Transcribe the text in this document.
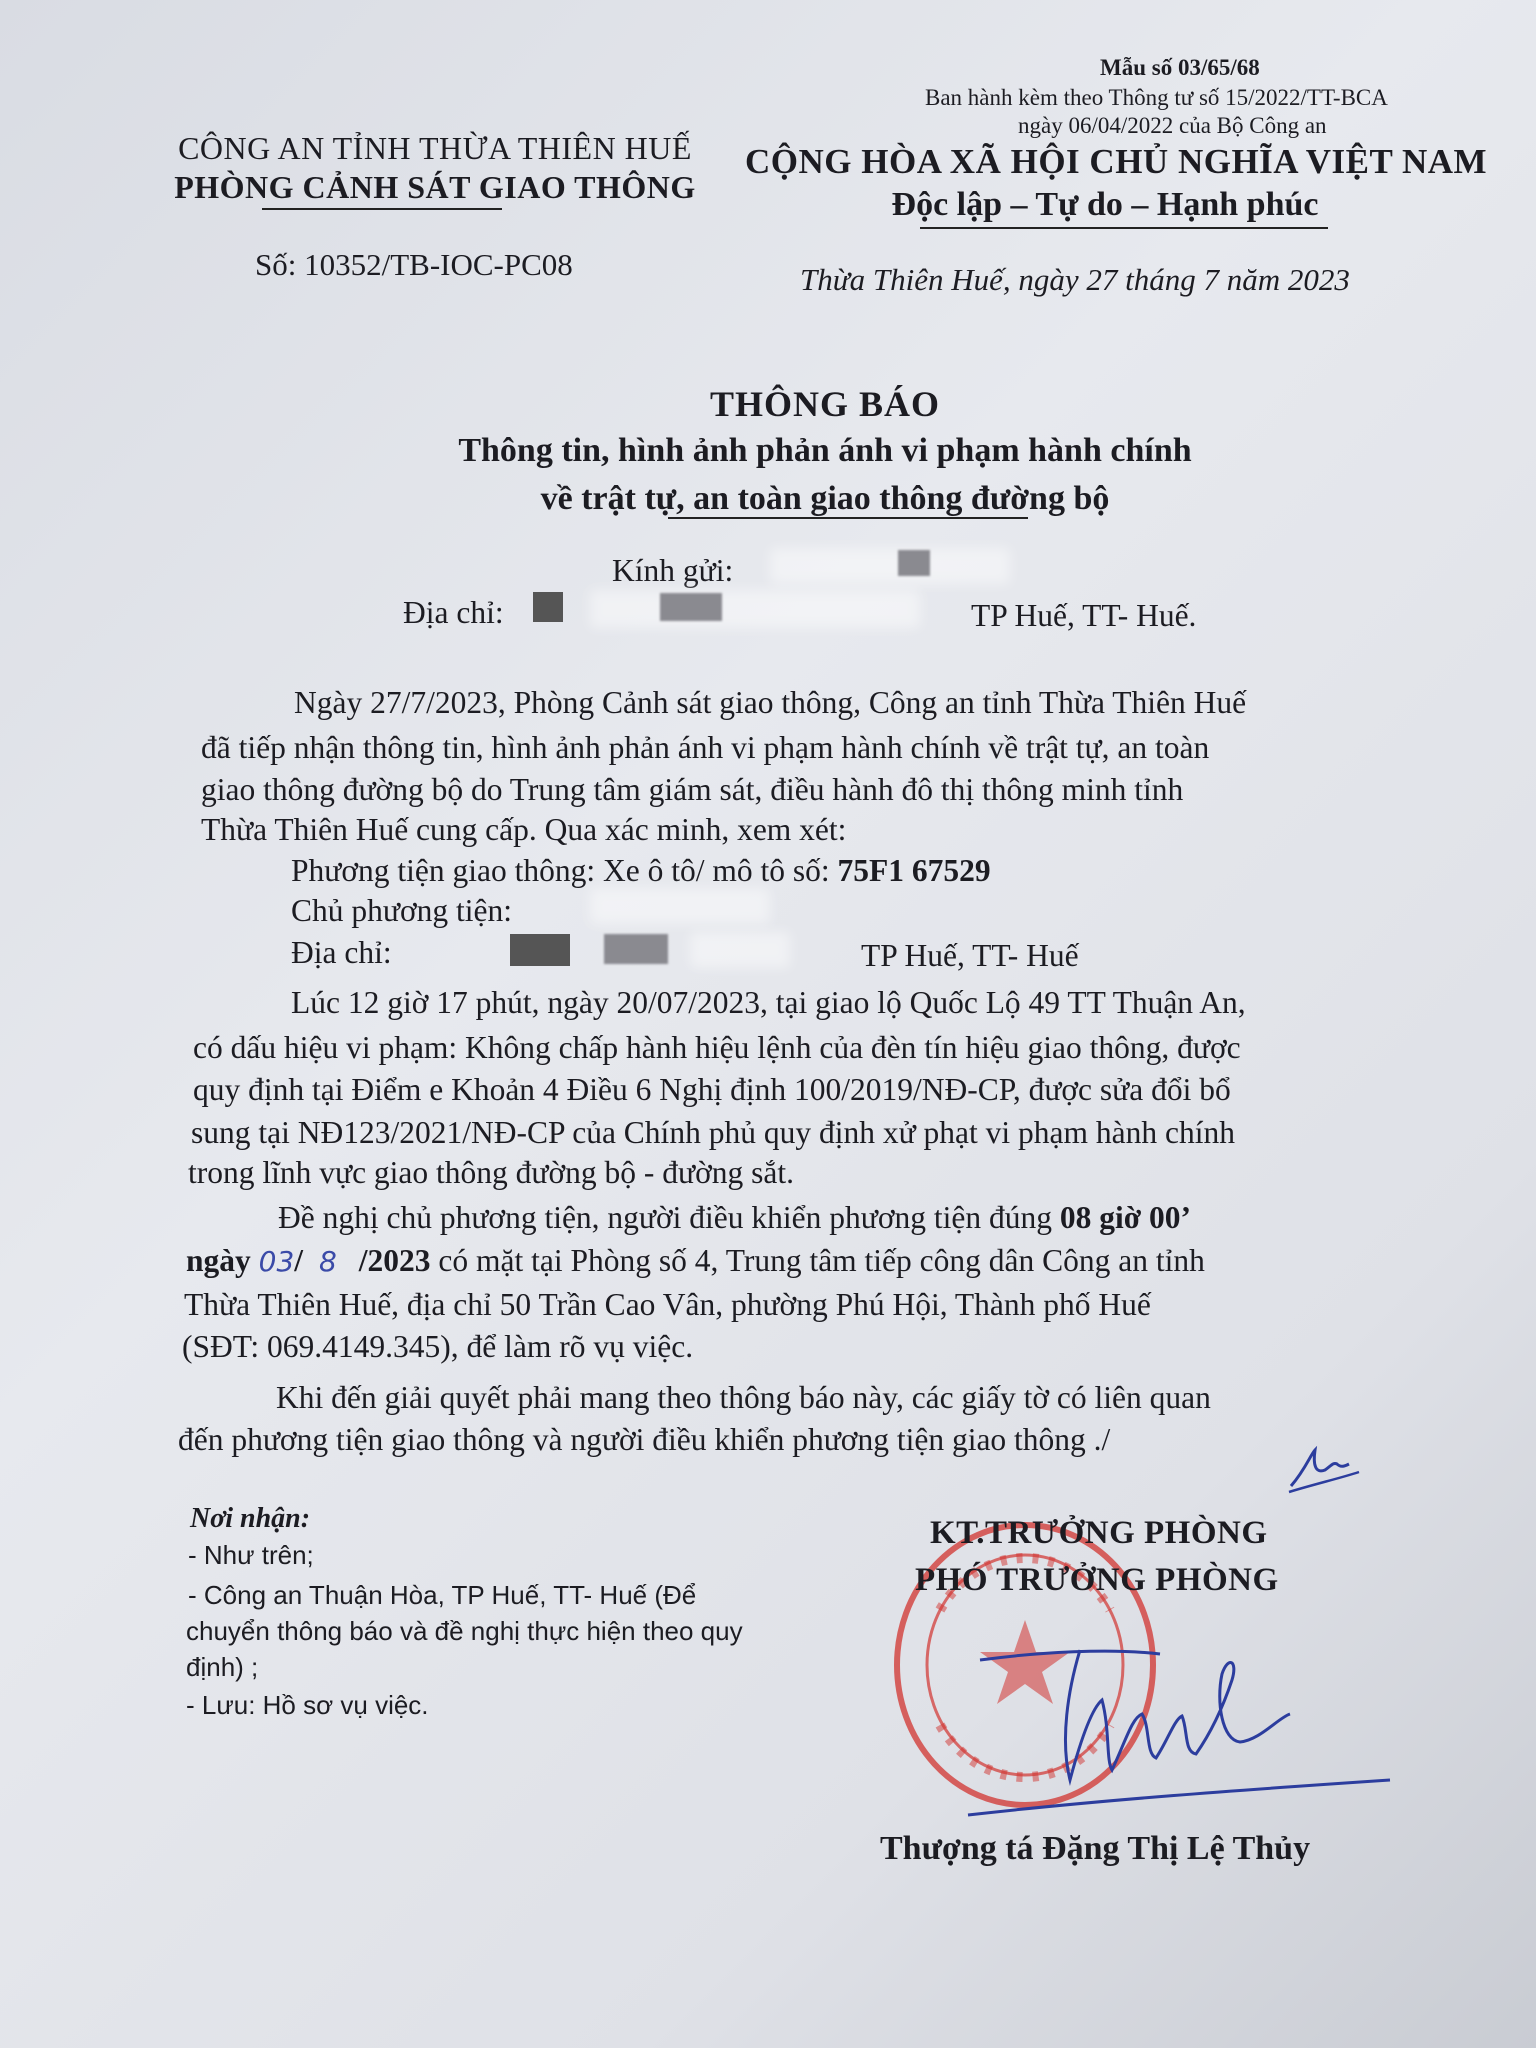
Mẫu số 03/65/68
Ban hành kèm theo Thông tư số 15/2022/TT-BCA
ngày 06/04/2022 của Bộ Công an
CÔNG AN TỈNH THỪA THIÊN HUẾ
PHÒNG CẢNH SÁT GIAO THÔNG
CỘNG HÒA XÃ HỘI CHỦ NGHĨA VIỆT NAM
Độc lập – Tự do – Hạnh phúc
Số: 10352/TB-IOC-PC08	Thừa Thiên Huế, ngày 27 tháng 7 năm 2023
THÔNG BÁO
Thông tin, hình ảnh phản ánh vi phạm hành chính
về trật tự, an toàn giao thông đường bộ
Kính gửi:
Địa chỉ:	TP Huế, TT- Huế.
Ngày 27/7/2023, Phòng Cảnh sát giao thông, Công an tỉnh Thừa Thiên Huế
đã tiếp nhận thông tin, hình ảnh phản ánh vi phạm hành chính về trật tự, an toàn
giao thông đường bộ do Trung tâm giám sát, điều hành đô thị thông minh tỉnh
Thừa Thiên Huế cung cấp. Qua xác minh, xem xét:
Phương tiện giao thông: Xe ô tô/ mô tô số: 75F1 67529
Chủ phương tiện:
Địa chỉ:	TP Huế, TT- Huế
Lúc 12 giờ 17 phút, ngày 20/07/2023, tại giao lộ Quốc Lộ 49 TT Thuận An,
có dấu hiệu vi phạm: Không chấp hành hiệu lệnh của đèn tín hiệu giao thông, được
quy định tại Điểm e Khoản 4 Điều 6 Nghị định 100/2019/NĐ-CP, được sửa đổi bổ
sung tại NĐ123/2021/NĐ-CP của Chính phủ quy định xử phạt vi phạm hành chính
trong lĩnh vực giao thông đường bộ - đường sắt.
Đề nghị chủ phương tiện, người điều khiển phương tiện đúng 08 giờ 00’
ngày 03/ 8 /2023 có mặt tại Phòng số 4, Trung tâm tiếp công dân Công an tỉnh
Thừa Thiên Huế, địa chỉ 50 Trần Cao Vân, phường Phú Hội, Thành phố Huế
(SĐT: 069.4149.345), để làm rõ vụ việc.
Khi đến giải quyết phải mang theo thông báo này, các giấy tờ có liên quan
đến phương tiện giao thông và người điều khiển phương tiện giao thông ./
Nơi nhận:
- Như trên;
- Công an Thuận Hòa, TP Huế, TT- Huế (Để
chuyển thông báo và đề nghị thực hiện theo quy
định) ;
- Lưu: Hồ sơ vụ việc.
KT.TRƯỞNG PHÒNG
PHÓ TRƯỞNG PHÒNG
Thượng tá Đặng Thị Lệ Thủy
